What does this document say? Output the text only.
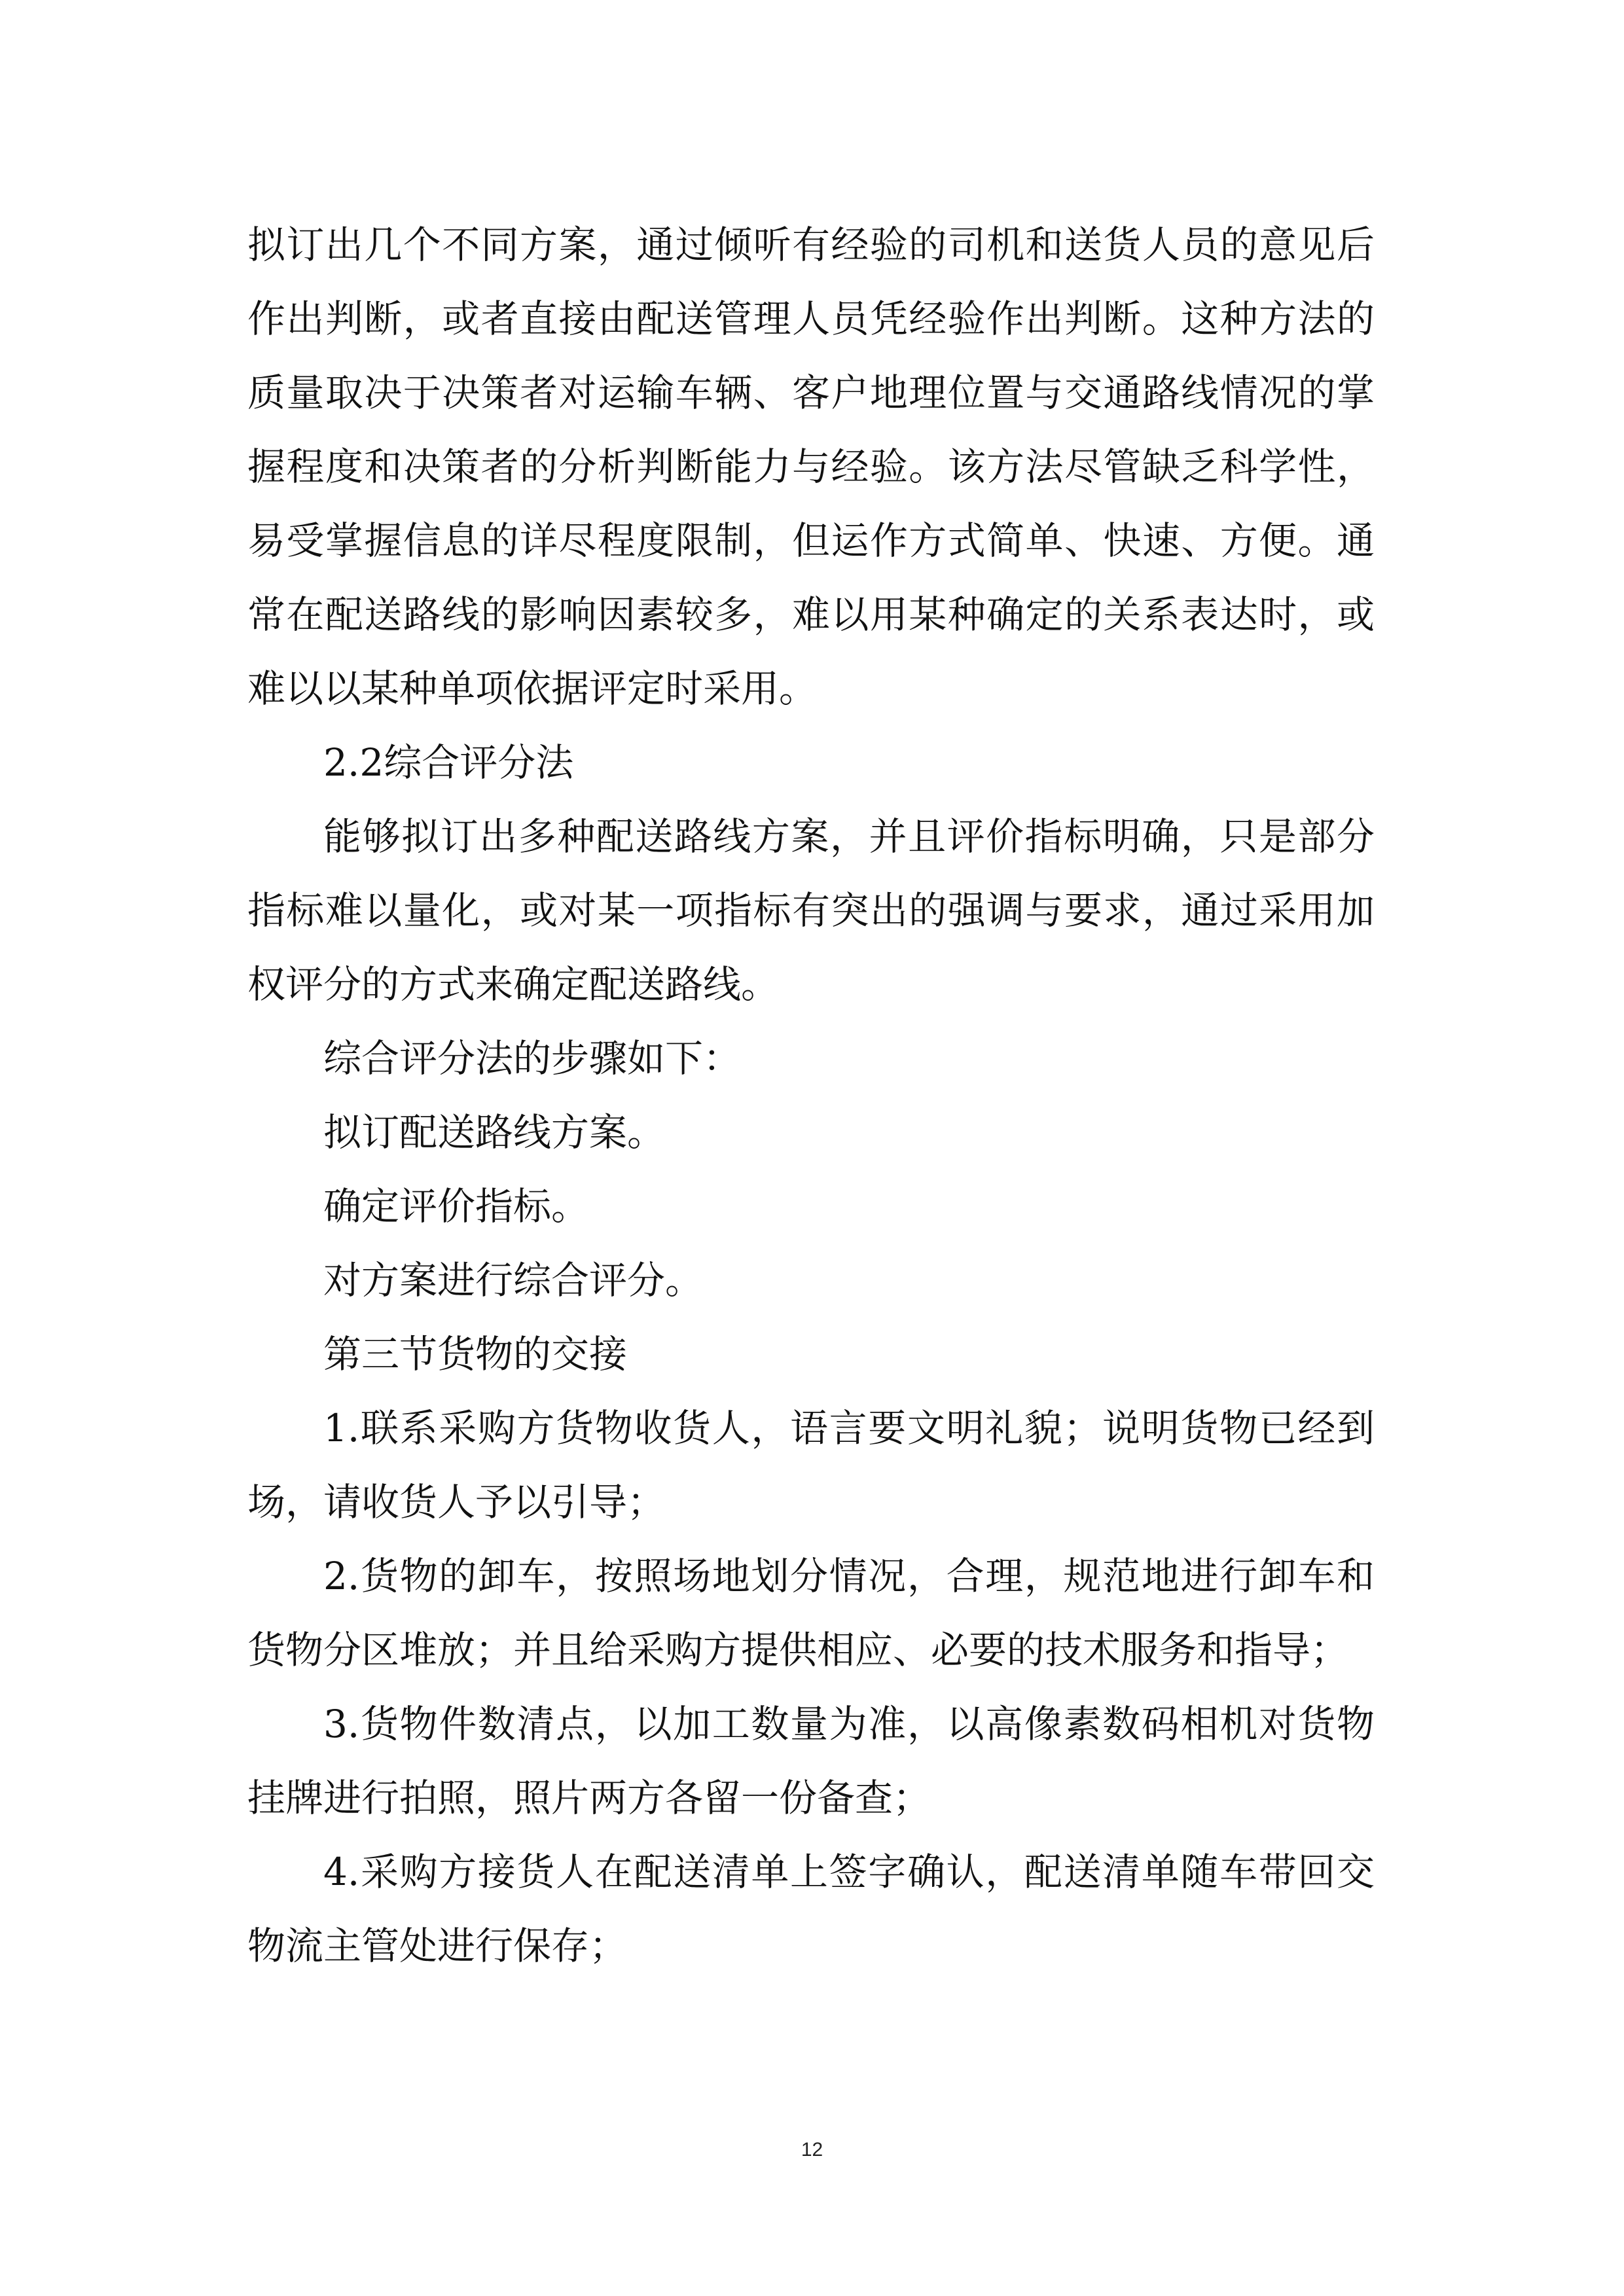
拟订出几个不同方案，通过倾听有经验的司机和送货人员的意见后作出判断，或者直接由配送管理人员凭经验作出判断。这种方法的质量取决于决策者对运输车辆、客户地理位置与交通路线情况的掌握程度和决策者的分析判断能力与经验。该方法尽管缺乏科学性，易受掌握信息的详尽程度限制，但运作方式简单、快速、方便。通常在配送路线的影响因素较多，难以用某种确定的关系表达时，或难以以某种单项依据评定时采用。

2.2综合评分法

能够拟订出多种配送路线方案，并且评价指标明确，只是部分指标难以量化，或对某一项指标有突出的强调与要求，通过采用加权评分的方式来确定配送路线。

综合评分法的步骤如下：

拟订配送路线方案。

确定评价指标。

对方案进行综合评分。

第三节货物的交接

1.联系采购方货物收货人，语言要文明礼貌；说明货物已经到场，请收货人予以引导；

2.货物的卸车，按照场地划分情况，合理，规范地进行卸车和货物分区堆放；并且给采购方提供相应、必要的技术服务和指导；

3.货物件数清点，以加工数量为准，以高像素数码相机对货物挂牌进行拍照，照片两方各留一份备查；

4.采购方接货人在配送清单上签字确认，配送清单随车带回交物流主管处进行保存；

12
